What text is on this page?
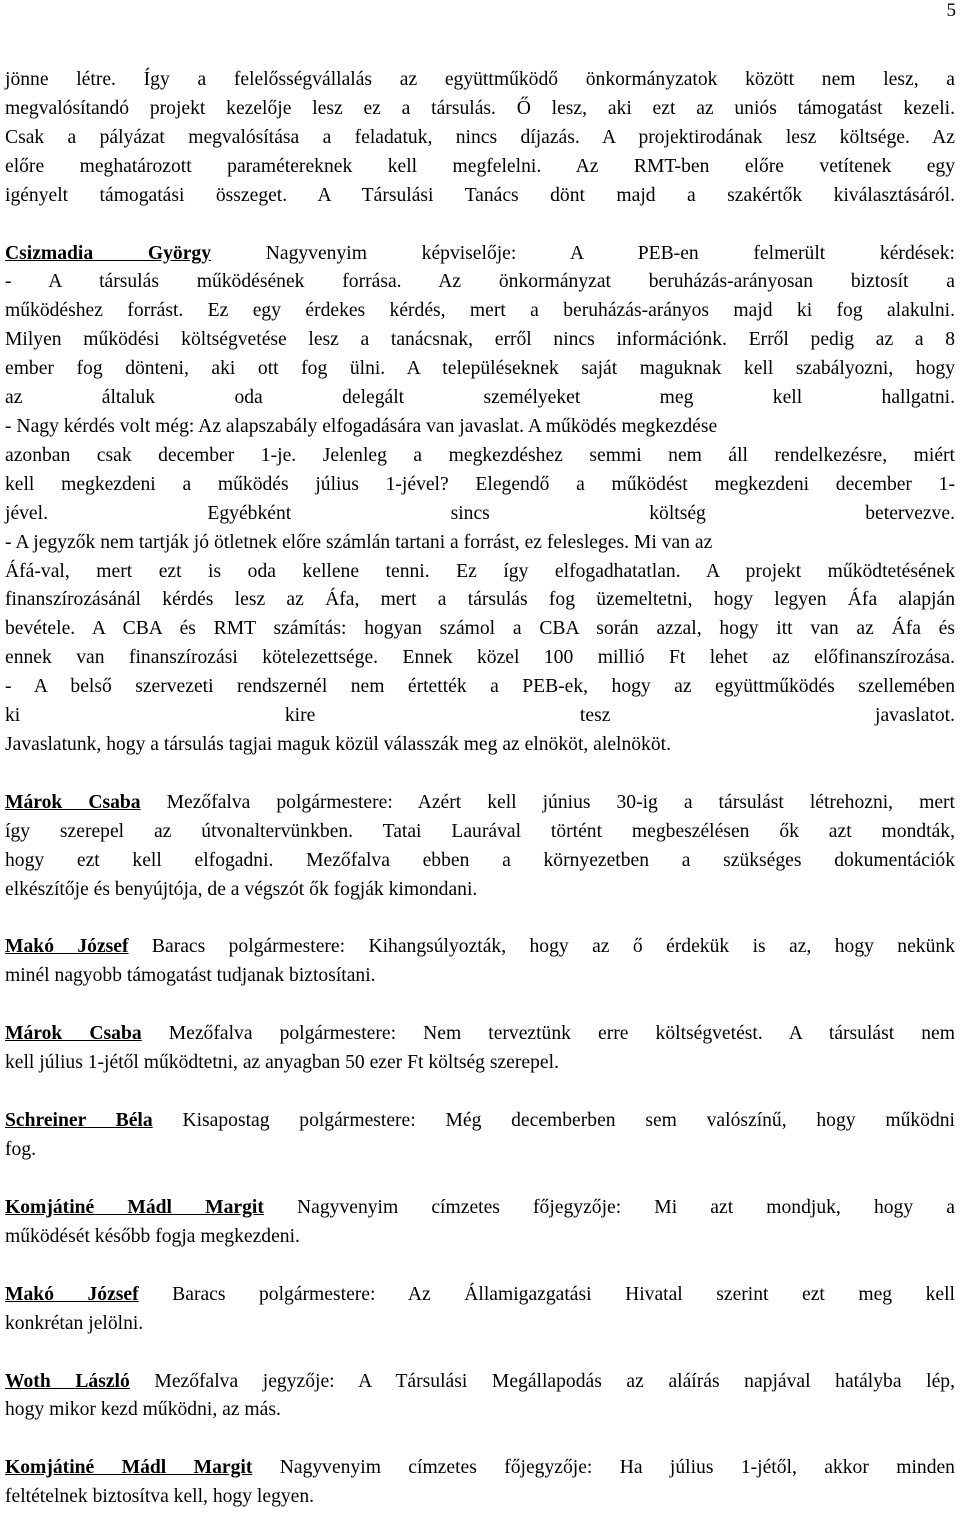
5

jönne létre. Így a felelősségvállalás az együttműködő önkormányzatok között nem lesz, a
megvalósítandó projekt kezelője lesz ez a társulás. Ő lesz, aki ezt az uniós támogatást kezeli.
Csak a pályázat megvalósítása a feladatuk, nincs díjazás. A projektirodának lesz költsége. Az
előre meghatározott paramétereknek kell megfelelni. Az RMT-ben előre vetítenek egy
igényelt támogatási összeget. A Társulási Tanács dönt majd a szakértők kiválasztásáról.

Csizmadia György Nagyvenyim képviselője: A PEB-en felmerült kérdések:
- A társulás működésének forrása. Az önkormányzat beruházás-arányosan biztosít a
működéshez forrást. Ez egy érdekes kérdés, mert a beruházás-arányos majd ki fog alakulni.
Milyen működési költségvetése lesz a tanácsnak, erről nincs információnk. Erről pedig az a 8
ember fog dönteni, aki ott fog ülni. A településeknek saját maguknak kell szabályozni, hogy
az általuk oda delegált személyeket meg kell hallgatni.
- Nagy kérdés volt még: Az alapszabály elfogadására van javaslat. A működés megkezdése
azonban csak december 1-je. Jelenleg a megkezdéshez semmi nem áll rendelkezésre, miért
kell megkezdeni a működés július 1-jével? Elegendő a működést megkezdeni december 1-
jével. Egyébként sincs költség betervezve.
- A jegyzők nem tartják jó ötletnek előre számlán tartani a forrást, ez felesleges. Mi van az
Áfá-val, mert ezt is oda kellene tenni. Ez így elfogadhatatlan. A projekt működtetésének
finanszírozásánál kérdés lesz az Áfa, mert a társulás fog üzemeltetni, hogy legyen Áfa alapján
bevétele. A CBA és RMT számítás: hogyan számol a CBA során azzal, hogy itt van az Áfa és
ennek van finanszírozási kötelezettsége. Ennek közel 100 millió Ft lehet az előfinanszírozása.
- A belső szervezeti rendszernél nem értették a PEB-ek, hogy az együttműködés szellemében
ki kire tesz javaslatot.
Javaslatunk, hogy a társulás tagjai maguk közül válasszák meg az elnököt, alelnököt.

Márok Csaba Mezőfalva polgármestere: Azért kell június 30-ig a társulást létrehozni, mert
így szerepel az útvonaltervünkben. Tatai Laurával történt megbeszélésen ők azt mondták,
hogy ezt kell elfogadni. Mezőfalva ebben a környezetben a szükséges dokumentációk
elkészítője és benyújtója, de a végszót ők fogják kimondani.

Makó József Baracs polgármestere: Kihangsúlyozták, hogy az ő érdekük is az, hogy nekünk
minél nagyobb támogatást tudjanak biztosítani.

Márok Csaba Mezőfalva polgármestere: Nem terveztünk erre költségvetést. A társulást nem
kell július 1-jétől működtetni, az anyagban 50 ezer Ft költség szerepel.

Schreiner Béla Kisapostag polgármestere: Még decemberben sem valószínű, hogy működni
fog.

Komjátiné Mádl Margit Nagyvenyim címzetes főjegyzője: Mi azt mondjuk, hogy a
működését később fogja megkezdeni.

Makó József Baracs polgármestere: Az Államigazgatási Hivatal szerint ezt meg kell
konkrétan jelölni.

Woth László Mezőfalva jegyzője: A Társulási Megállapodás az aláírás napjával hatályba lép,
hogy mikor kezd működni, az más.

Komjátiné Mádl Margit Nagyvenyim címzetes főjegyzője: Ha július 1-jétől, akkor minden
feltételnek biztosítva kell, hogy legyen.
